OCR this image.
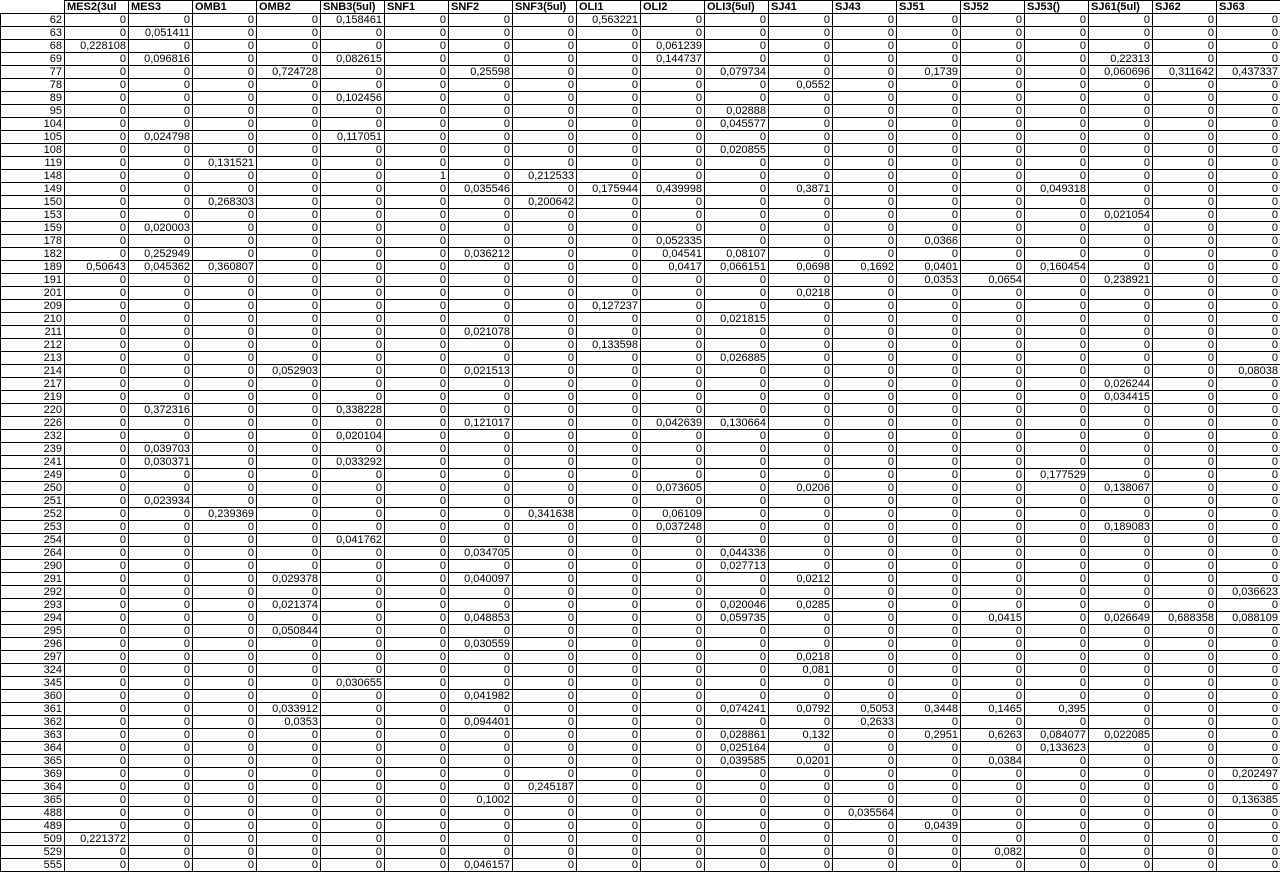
	MES2(3ul	MES3	OMB1	OMB2	SNB3(5ul)	SNF1	SNF2	SNF3(5ul)	OLI1	OLI2	OLI3(5ul)	SJ41	SJ43	SJ51	SJ52	SJ53()	SJ61(5ul)	SJ62	SJ63
62	0	0	0	0	0,158461	0	0	0	0,563221	0	0	0	0	0	0	0	0	0	0
63	0	0,051411	0	0	0	0	0	0	0	0	0	0	0	0	0	0	0	0	0
68	0,228108	0	0	0	0	0	0	0	0	0,061239	0	0	0	0	0	0	0	0	0
69	0	0,096816	0	0	0,082615	0	0	0	0	0,144737	0	0	0	0	0	0	0,22313	0	0
77	0	0	0	0,724728	0	0	0,25598	0	0	0	0,079734	0	0	0,1739	0	0	0,060696	0,311642	0,437337
78	0	0	0	0	0	0	0	0	0	0	0	0,0552	0	0	0	0	0	0	0
89	0	0	0	0	0,102456	0	0	0	0	0	0	0	0	0	0	0	0	0	0
95	0	0	0	0	0	0	0	0	0	0	0,02888	0	0	0	0	0	0	0	0
104	0	0	0	0	0	0	0	0	0	0	0,045577	0	0	0	0	0	0	0	0
105	0	0,024798	0	0	0,117051	0	0	0	0	0	0	0	0	0	0	0	0	0	0
108	0	0	0	0	0	0	0	0	0	0	0,020855	0	0	0	0	0	0	0	0
119	0	0	0,131521	0	0	0	0	0	0	0	0	0	0	0	0	0	0	0	0
148	0	0	0	0	0	1	0	0,212533	0	0	0	0	0	0	0	0	0	0	0
149	0	0	0	0	0	0	0,035546	0	0,175944	0,439998	0	0,3871	0	0	0	0,049318	0	0	0
150	0	0	0,268303	0	0	0	0	0,200642	0	0	0	0	0	0	0	0	0	0	0
153	0	0	0	0	0	0	0	0	0	0	0	0	0	0	0	0	0,021054	0	0
159	0	0,020003	0	0	0	0	0	0	0	0	0	0	0	0	0	0	0	0	0
178	0	0	0	0	0	0	0	0	0	0,052335	0	0	0	0,0366	0	0	0	0	0
182	0	0,252949	0	0	0	0	0,036212	0	0	0,04541	0,08107	0	0	0	0	0	0	0	0
189	0,50643	0,045362	0,360807	0	0	0	0	0	0	0,0417	0,066151	0,0698	0,1692	0,0401	0	0,160454	0	0	0
191	0	0	0	0	0	0	0	0	0	0	0	0	0	0,0353	0,0654	0	0,238921	0	0
201	0	0	0	0	0	0	0	0	0	0	0	0,0218	0	0	0	0	0	0	0
209	0	0	0	0	0	0	0	0	0,127237	0	0	0	0	0	0	0	0	0	0
210	0	0	0	0	0	0	0	0	0	0	0,021815	0	0	0	0	0	0	0	0
211	0	0	0	0	0	0	0,021078	0	0	0	0	0	0	0	0	0	0	0	0
212	0	0	0	0	0	0	0	0	0,133598	0	0	0	0	0	0	0	0	0	0
213	0	0	0	0	0	0	0	0	0	0	0,026885	0	0	0	0	0	0	0	0
214	0	0	0	0,052903	0	0	0,021513	0	0	0	0	0	0	0	0	0	0	0	0,08038
217	0	0	0	0	0	0	0	0	0	0	0	0	0	0	0	0	0,026244	0	0
219	0	0	0	0	0	0	0	0	0	0	0	0	0	0	0	0	0,034415	0	0
220	0	0,372316	0	0	0,338228	0	0	0	0	0	0	0	0	0	0	0	0	0	0
226	0	0	0	0	0	0	0,121017	0	0	0,042639	0,130664	0	0	0	0	0	0	0	0
232	0	0	0	0	0,020104	0	0	0	0	0	0	0	0	0	0	0	0	0	0
239	0	0,039703	0	0	0	0	0	0	0	0	0	0	0	0	0	0	0	0	0
241	0	0,030371	0	0	0,033292	0	0	0	0	0	0	0	0	0	0	0	0	0	0
249	0	0	0	0	0	0	0	0	0	0	0	0	0	0	0	0,177529	0	0	0
250	0	0	0	0	0	0	0	0	0	0,073605	0	0,0206	0	0	0	0	0,138067	0	0
251	0	0,023934	0	0	0	0	0	0	0	0	0	0	0	0	0	0	0	0	0
252	0	0	0,239369	0	0	0	0	0,341638	0	0,06109	0	0	0	0	0	0	0	0	0
253	0	0	0	0	0	0	0	0	0	0,037248	0	0	0	0	0	0	0,189083	0	0
254	0	0	0	0	0,041762	0	0	0	0	0	0	0	0	0	0	0	0	0	0
264	0	0	0	0	0	0	0,034705	0	0	0	0,044336	0	0	0	0	0	0	0	0
290	0	0	0	0	0	0	0	0	0	0	0,027713	0	0	0	0	0	0	0	0
291	0	0	0	0,029378	0	0	0,040097	0	0	0	0	0,0212	0	0	0	0	0	0	0
292	0	0	0	0	0	0	0	0	0	0	0	0	0	0	0	0	0	0	0,036623
293	0	0	0	0,021374	0	0	0	0	0	0	0,020046	0,0285	0	0	0	0	0	0	0
294	0	0	0	0	0	0	0,048853	0	0	0	0,059735	0	0	0	0,0415	0	0,026649	0,688358	0,088109
295	0	0	0	0,050844	0	0	0	0	0	0	0	0	0	0	0	0	0	0	0
296	0	0	0	0	0	0	0,030559	0	0	0	0	0	0	0	0	0	0	0	0
297	0	0	0	0	0	0	0	0	0	0	0	0,0218	0	0	0	0	0	0	0
324	0	0	0	0	0	0	0	0	0	0	0	0,081	0	0	0	0	0	0	0
345	0	0	0	0	0,030655	0	0	0	0	0	0	0	0	0	0	0	0	0	0
360	0	0	0	0	0	0	0,041982	0	0	0	0	0	0	0	0	0	0	0	0
361	0	0	0	0,033912	0	0	0	0	0	0	0,074241	0,0792	0,5053	0,3448	0,1465	0,395	0	0	0
362	0	0	0	0,0353	0	0	0,094401	0	0	0	0	0	0,2633	0	0	0	0	0	0
363	0	0	0	0	0	0	0	0	0	0	0,028861	0,132	0	0,2951	0,6263	0,084077	0,022085	0	0
364	0	0	0	0	0	0	0	0	0	0	0,025164	0	0	0	0	0,133623	0	0	0
365	0	0	0	0	0	0	0	0	0	0	0,039585	0,0201	0	0	0,0384	0	0	0	0
369	0	0	0	0	0	0	0	0	0	0	0	0	0	0	0	0	0	0	0,202497
364	0	0	0	0	0	0	0	0,245187	0	0	0	0	0	0	0	0	0	0	0
365	0	0	0	0	0	0	0,1002	0	0	0	0	0	0	0	0	0	0	0	0,136385
488	0	0	0	0	0	0	0	0	0	0	0	0	0,035564	0	0	0	0	0	0
489	0	0	0	0	0	0	0	0	0	0	0	0	0	0,0439	0	0	0	0	0
509	0,221372	0	0	0	0	0	0	0	0	0	0	0	0	0	0	0	0	0	0
529	0	0	0	0	0	0	0	0	0	0	0	0	0	0	0,082	0	0	0	0
555	0	0	0	0	0	0	0,046157	0	0	0	0	0	0	0	0	0	0	0	0
